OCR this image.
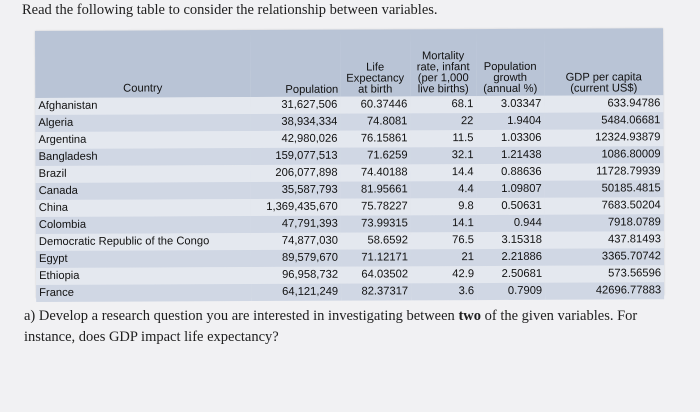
Read the following table to consider the relationship between variables.
Country	Population	Life
Expectancy
at birth	Mortality
rate, infant
(per 1,000
live births)	Population
growth
(annual %)	GDP per capita
(current US$)

Afghanistan	31,627,506	60.37446	68.1	3.03347	633.94786
Algeria	38,934,334	74.8081	22	1.9404	5484.06681
Argentina	42,980,026	76.15861	11.5	1.03306	12324.93879
Bangladesh	159,077,513	71.6259	32.1	1.21438	1086.80009
Brazil	206,077,898	74.40188	14.4	0.88636	11728.79939
Canada	35,587,793	81.95661	4.4	1.09807	50185.4815
China	1,369,435,670	75.78227	9.8	0.50631	7683.50204
Colombia	47,791,393	73.99315	14.1	0.944	7918.0789
Democratic Republic of the Congo	74,877,030	58.6592	76.5	3.15318	437.81493
Egypt	89,579,670	71.12171	21	2.21886	3365.70742
Ethiopia	96,958,732	64.03502	42.9	2.50681	573.56596
France	64,121,249	82.37317	3.6	0.7909	42696.77883
a) Develop a research question you are interested in investigating between two of the given variables. For instance, does GDP impact life expectancy?
